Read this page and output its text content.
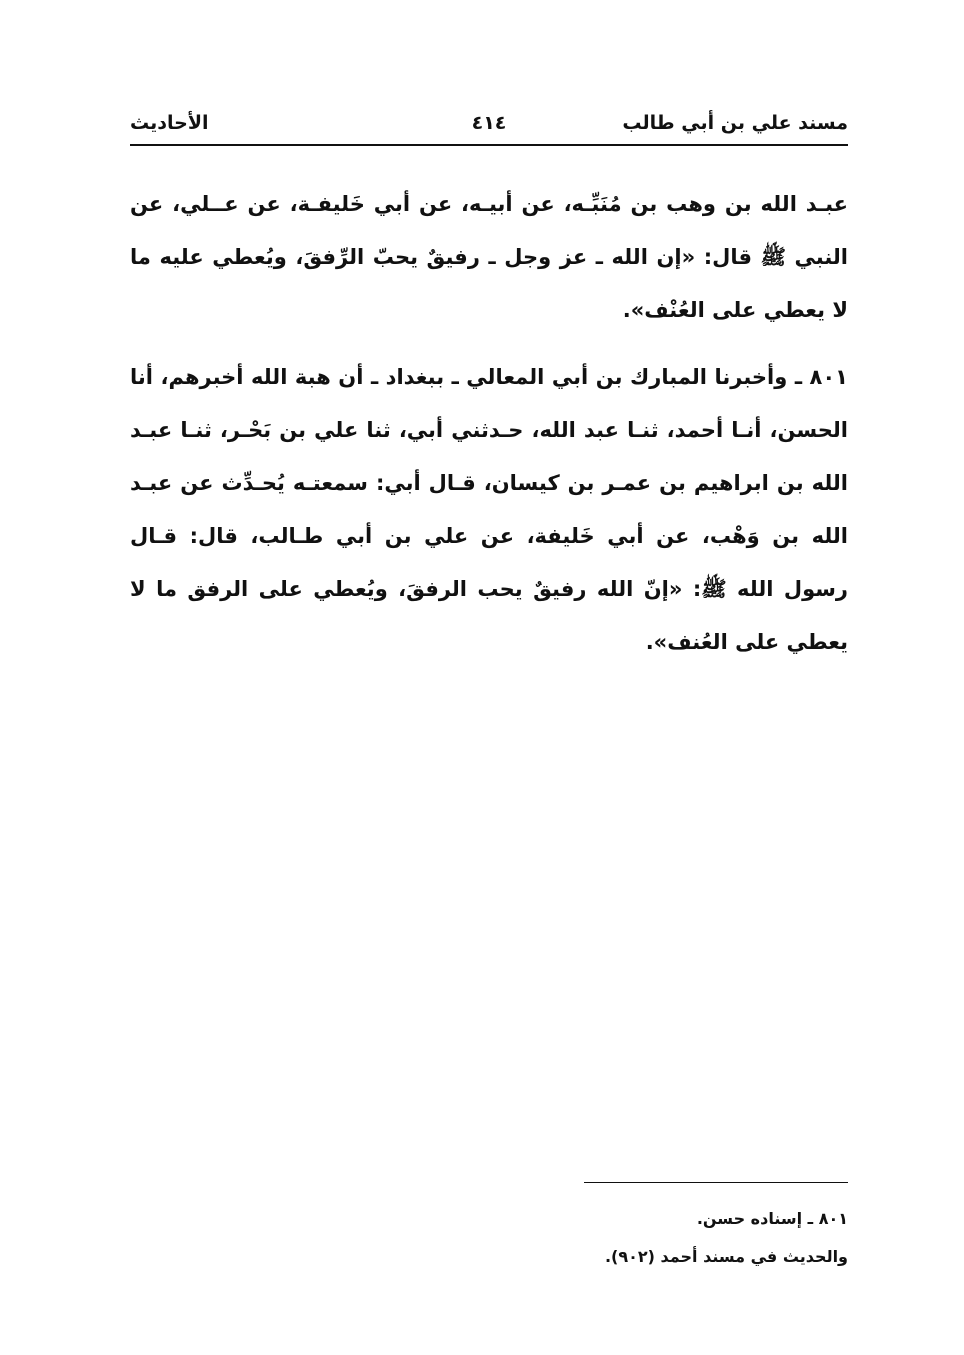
مسند علي بن أبي طالب
٤١٤
الأحاديث

عبـد الله بن وهب بن مُنَبِّـه، عن أبيـه، عن أبي خَليفـة، عن عــلي، عن النبي ﷺ قال: «إن الله ـ عز وجل ـ رفيقٌ يحبّ الرِّفقَ، ويُعطي عليه ما لا يعطي على العُنْف».

٨٠١ ـ وأخبرنا المبارك بن أبي المعالي ـ ببغداد ـ أن هبة الله أخبرهم، أنا الحسن، أنـا أحمد، ثنـا عبد الله، حـدثني أبي، ثنا علي بن بَحْـر، ثنـا عبـد الله بن ابراهيم بن عمـر بن كيسان، قـال أبي: سمعتـه يُحـدِّث عن عبـد الله بن وَهْب، عن أبي خَليفة، عن علي بن أبي طـالب، قال: قـال رسول الله ﷺ: «إنّ الله رفيقٌ يحب الرفقَ، ويُعطي على الرفق ما لا يعطي على العُنف».

٨٠١ ـ إسناده حسن.

والحديث في مسند أحمد (٩٠٢).
